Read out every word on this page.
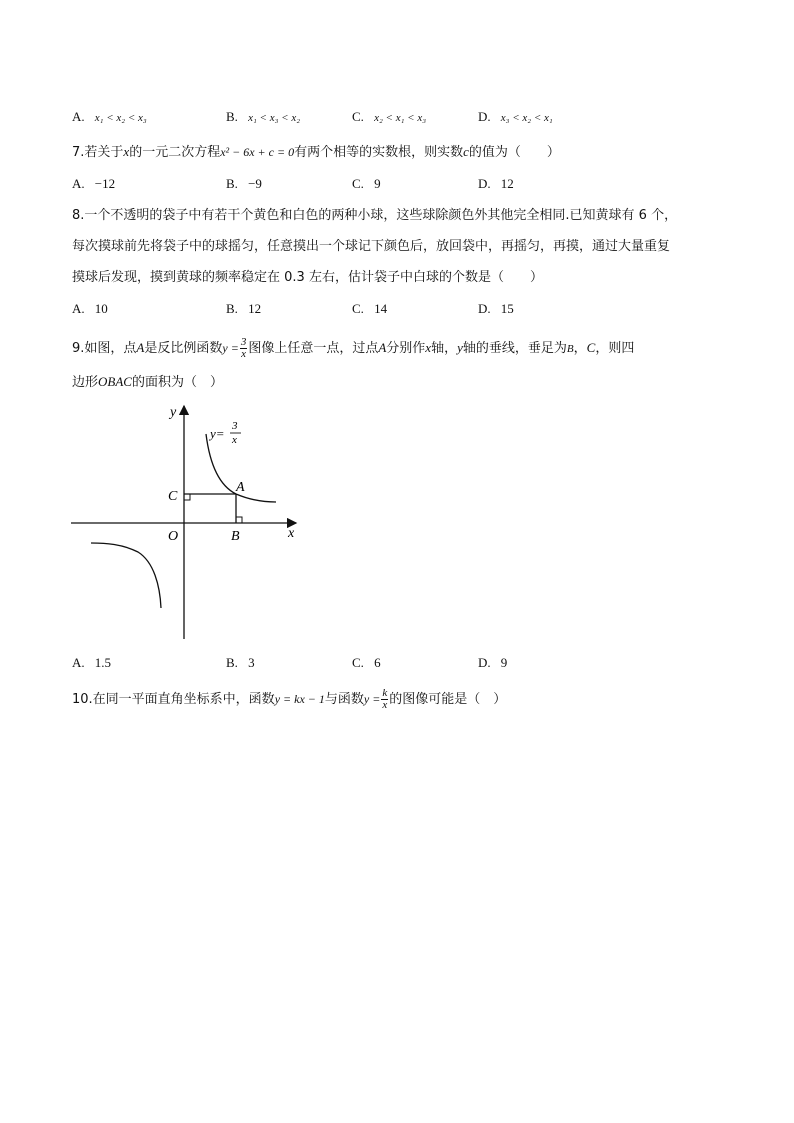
A. x₁ < x₂ < x₃	B. x₁ < x₃ < x₂	C. x₂ < x₁ < x₃	D. x₃ < x₂ < x₁
7.若关于x的一元二次方程x² − 6x + c = 0有两个相等的实数根，则实数c的值为（　　）
A. −12	B. −9	C. 9	D. 12
8.一个不透明的袋子中有若干个黄色和白色的两种小球，这些球除颜色外其他完全相同.已知黄球有 6 个，
每次摸球前先将袋子中的球摇匀，任意摸出一个球记下颜色后，放回袋中，再摇匀，再摸，通过大量重复
摸球后发现，摸到黄球的频率稳定在 0.3 左右，估计袋子中白球的个数是（　　）
A. 10	B. 12	C. 14	D. 15
9.如图，点A是反比例函数$y = \frac{3}{x}$ 图像上任意一点，过点A分别作x轴，y轴的垂线，垂足为B，C，则四
边形OBAC的面积为（　）
y
x
O
A
B
C
y= 3
x
A. 1.5	B. 3	C. 6	D. 9
10.在同一平面直角坐标系中，函数y = kx − 1与函数$y = \frac{k}{x}$ 的图像可能是（　）
